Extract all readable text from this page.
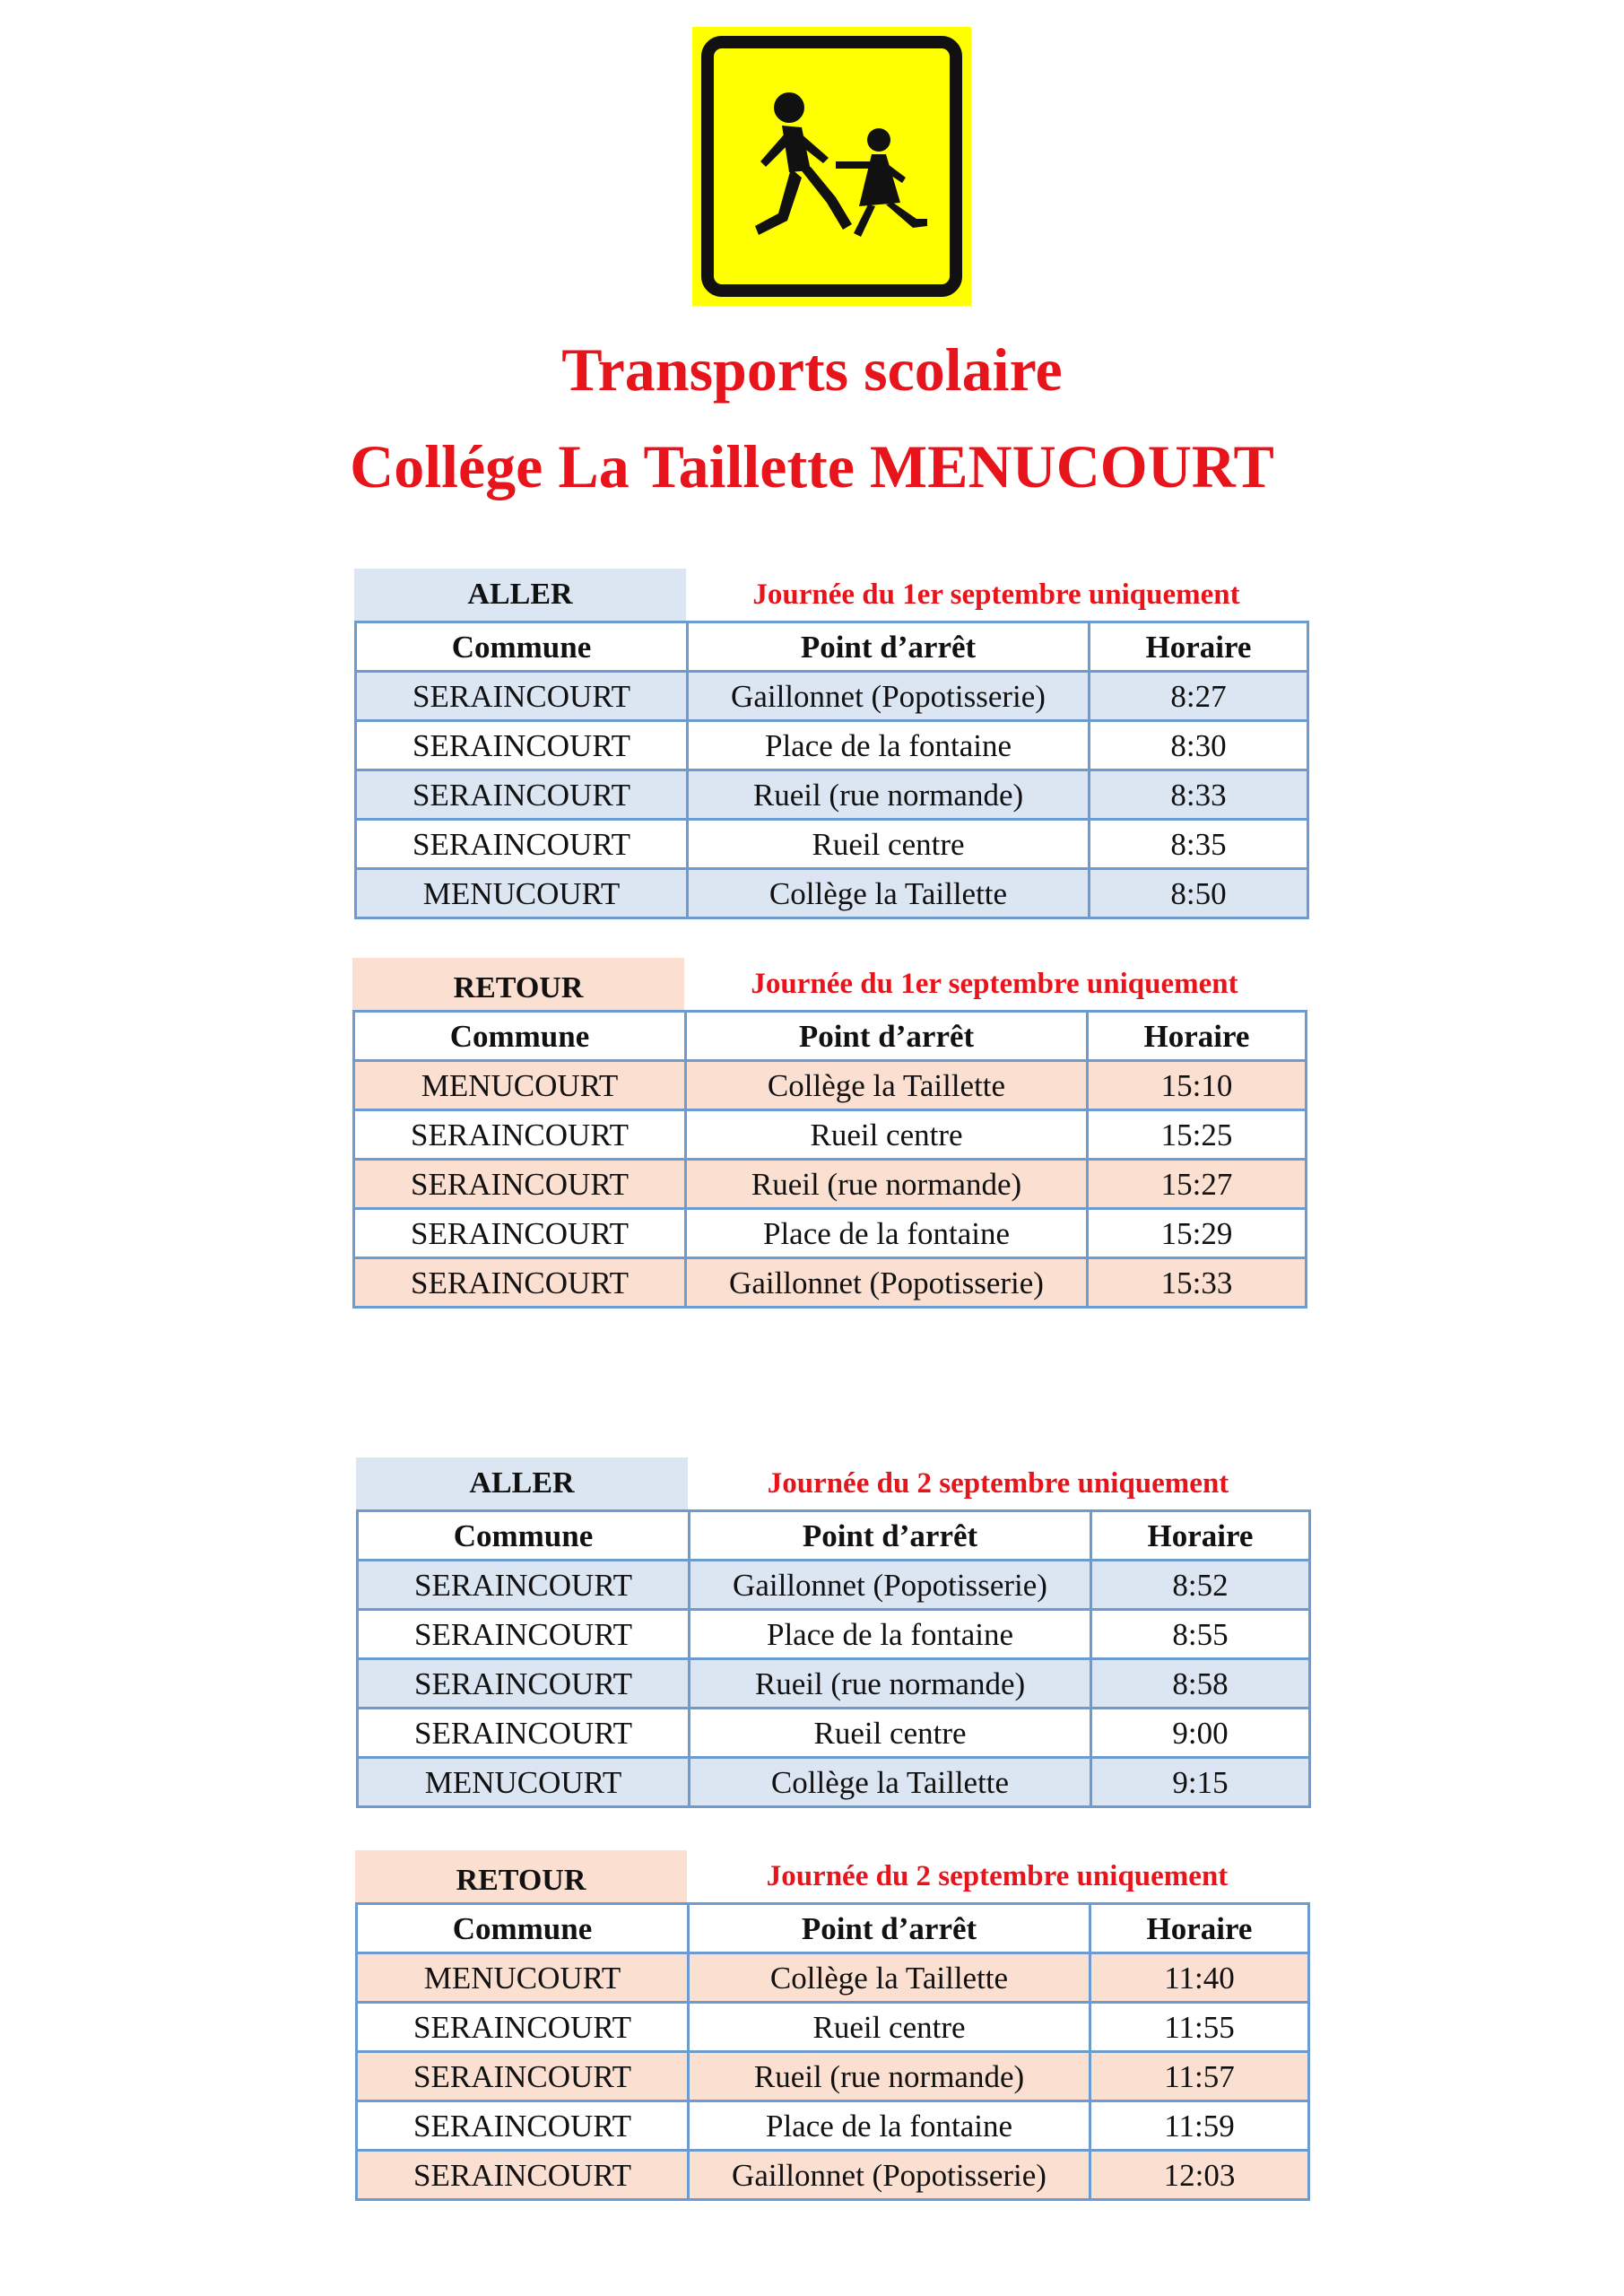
Transports scolaire
Collége La Taillette MENUCOURT
ALLER	Journée du 1er septembre uniquement
Commune	Point d’arrêt	Horaire
SERAINCOURT	Gaillonnet (Popotisserie)	8:27
SERAINCOURT	Place de la fontaine	8:30
SERAINCOURT	Rueil (rue normande)	8:33
SERAINCOURT	Rueil centre	8:35
MENUCOURT	Collège la Taillette	8:50
RETOUR	Journée du 1er septembre uniquement
Commune	Point d’arrêt	Horaire
MENUCOURT	Collège la Taillette	15:10
SERAINCOURT	Rueil centre	15:25
SERAINCOURT	Rueil (rue normande)	15:27
SERAINCOURT	Place de la fontaine	15:29
SERAINCOURT	Gaillonnet (Popotisserie)	15:33
ALLER	Journée du 2 septembre uniquement
Commune	Point d’arrêt	Horaire
SERAINCOURT	Gaillonnet (Popotisserie)	8:52
SERAINCOURT	Place de la fontaine	8:55
SERAINCOURT	Rueil (rue normande)	8:58
SERAINCOURT	Rueil centre	9:00
MENUCOURT	Collège la Taillette	9:15
RETOUR	Journée du 2 septembre uniquement
Commune	Point d’arrêt	Horaire
MENUCOURT	Collège la Taillette	11:40
SERAINCOURT	Rueil centre	11:55
SERAINCOURT	Rueil (rue normande)	11:57
SERAINCOURT	Place de la fontaine	11:59
SERAINCOURT	Gaillonnet (Popotisserie)	12:03
